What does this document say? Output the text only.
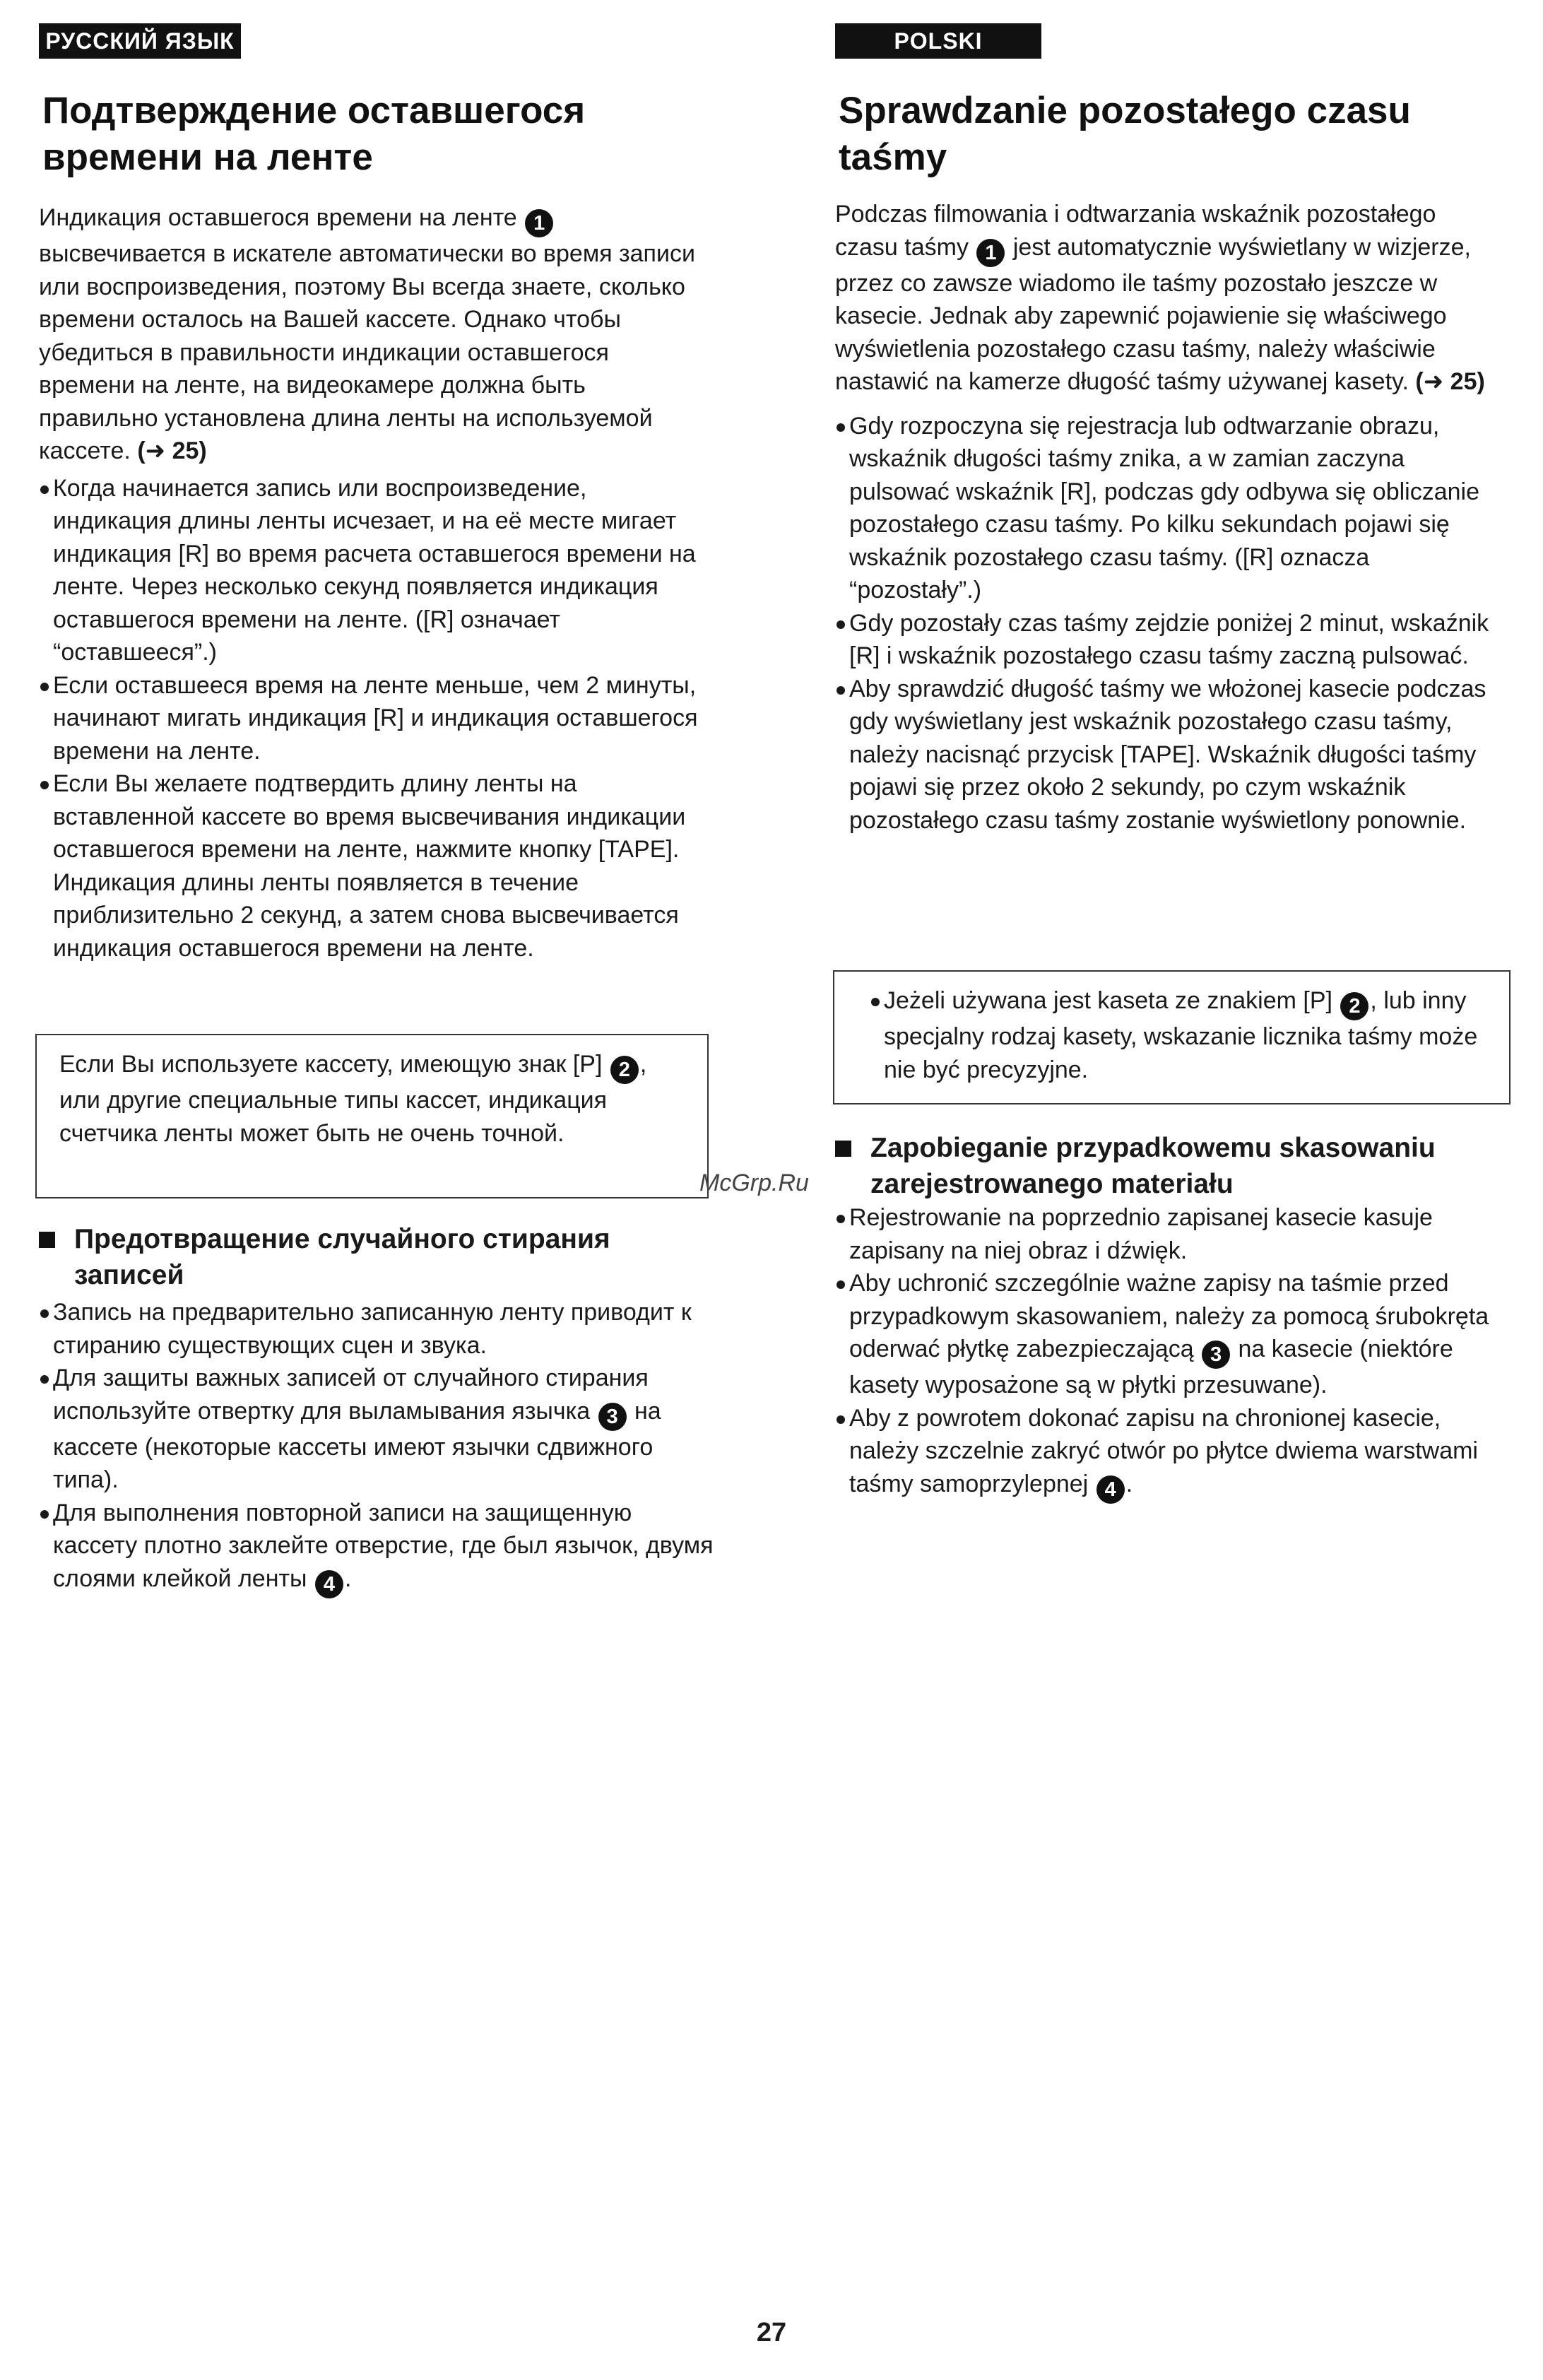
РУССКИЙ ЯЗЫК
Подтверждение оставшегося времени на ленте

Индикация оставшегося времени на ленте 1 высвечивается в искателе автоматически во время записи или воспроизведения, поэтому Вы всегда знаете, сколько времени осталось на Вашей кассете. Однако чтобы убедиться в правильности индикации оставшегося времени на ленте, на видеокамере должна быть правильно установлена длина ленты на используемой кассете. (➜ 25)

Когда начинается запись или воспроизведение, индикация длины ленты исчезает, и на её месте мигает индикация [R] во время расчета оставшегося времени на ленте. Через несколько секунд появляется индикация оставшегося времени на ленте. ([R] означает “оставшееся”.)
Если оставшееся время на ленте меньше, чем 2 минуты, начинают мигать индикация [R] и индикация оставшегося времени на ленте.
Если Вы желаете подтвердить длину ленты на вставленной кассете во время высвечивания индикации оставшегося времени на ленте, нажмите кнопку [TAPE]. Индикация длины ленты появляется в течение приблизительно 2 секунд, а затем снова высвечивается индикация оставшегося времени на ленте.
Если Вы используете кассету, имеющую знак [P] 2 , или другие специальные типы кассет, индикация счетчика ленты может быть не очень точной.
Предотвращение случайного стирания записей
Запись на предварительно записанную ленту приводит к стиранию существующих сцен и звука.
Для защиты важных записей от случайного стирания используйте отвертку для выламывания язычка 3 на кассете (некоторые кассеты имеют язычки сдвижного типа).
Для выполнения повторной записи на защищенную кассету плотно заклейте отверстие, где был язычок, двумя слоями клейкой ленты 4 .
McGrp.Ru
POLSKI
Sprawdzanie pozostałego czasu taśmy

Podczas filmowania i odtwarzania wskaźnik pozostałego czasu taśmy 1 jest automatycznie wyświetlany w wizjerze, przez co zawsze wiadomo ile taśmy pozostało jeszcze w kasecie. Jednak aby zapewnić pojawienie się właściwego wyświetlenia pozostałego czasu taśmy, należy właściwie nastawić na kamerze długość taśmy używanej kasety. (➜ 25)

Gdy rozpoczyna się rejestracja lub odtwarzanie obrazu, wskaźnik długości taśmy znika, a w zamian zaczyna pulsować wskaźnik [R], podczas gdy odbywa się obliczanie pozostałego czasu taśmy. Po kilku sekundach pojawi się wskaźnik pozostałego czasu taśmy. ([R] oznacza “pozostały”.)
Gdy pozostały czas taśmy zejdzie poniżej 2 minut, wskaźnik [R] i wskaźnik pozostałego czasu taśmy zaczną pulsować.
Aby sprawdzić długość taśmy we włożonej kasecie podczas gdy wyświetlany jest wskaźnik pozostałego czasu taśmy, należy nacisnąć przycisk [TAPE]. Wskaźnik długości taśmy pojawi się przez około 2 sekundy, po czym wskaźnik pozostałego czasu taśmy zostanie wyświetlony ponownie.
Jeżeli używana jest kaseta ze znakiem [P] 2 , lub inny specjalny rodzaj kasety, wskazanie licznika taśmy może nie być precyzyjne.
Zapobieganie przypadkowemu skasowaniu zarejestrowanego materiału
Rejestrowanie na poprzednio zapisanej kasecie kasuje zapisany na niej obraz i dźwięk.
Aby uchronić szczególnie ważne zapisy na taśmie przed przypadkowym skasowaniem, należy za pomocą śrubokręta oderwać płytkę zabezpieczającą 3 na kasecie (niektóre kasety wyposażone są w płytki przesuwane).
Aby z powrotem dokonać zapisu na chronionej kasecie, należy szczelnie zakryć otwór po płytce dwiema warstwami taśmy samoprzylepnej 4 .
27
